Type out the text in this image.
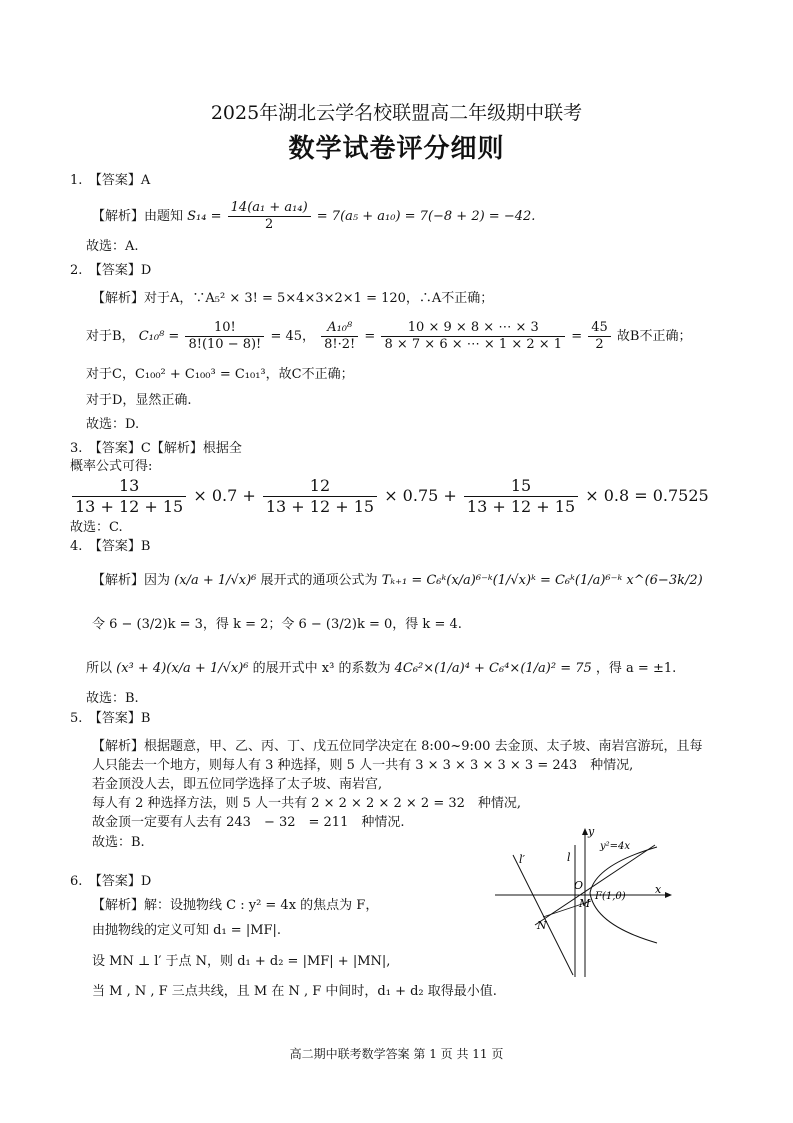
2025年湖北云学名校联盟高二年级期中联考
数学试卷评分细则
1.　【答案】A
【解析】由题知 $S_{14} = \frac{\text{14(a₁ + a₁₄)}}{2} = 7(a_5 + a_{10}) = 7(-8 + 2) = -42$.
故选：A.
2.　【答案】D
【解析】对于A，∵A₅² × 3! = 5×4×3×2×1 = 120，∴A不正确；
对于B， $C_{10}^8 = \frac{10!}{8!(10 - 8)!} = 45$， $\frac{\text{A₁₀⁸}}{8!\cdot 2!} = \frac{10 \times 9 \times 8 \times \cdots \times 3}{8 \times 7 \times 6 \times \cdots \times 1 \times 2 \times 1} = \frac{45}{2}$ 故B不正确；
对于C，C₁₀₀² + C₁₀₀³ = C₁₀₁³，故C不正确；
对于D，显然正确.
故选：D.
3.　【答案】C【解析】根据全
概率公式可得:
$\frac{13}{13 + 12 + 15} \times 0.7 + \frac{12}{13 + 12 + 15} \times 0.75 + \frac{15}{13 + 12 + 15} \times 0.8 = 0.7525$
故选：C.
4.　【答案】B
【解析】因为 (x/a + 1/√x)⁶ 展开式的通项公式为 Tₖ₊₁ = C₆ᵏ(x/a)⁶⁻ᵏ(1/√x)ᵏ = C₆ᵏ(1/a)⁶⁻ᵏ x^(6−3k/2)
令 6 − (3/2)k = 3，得 k = 2；令 6 − (3/2)k = 0，得 k = 4.
所以 (x³ + 4)(x/a + 1/√x)⁶ 的展开式中 x³ 的系数为 4C₆²×(1/a)⁴ + C₆⁴×(1/a)² = 75 ，得 a = ±1.
故选：B.
5.　【答案】B
【解析】根据题意，甲、乙、丙、丁、戊五位同学决定在 8:00~9:00 去金顶、太子坡、南岩宫游玩，且每
人只能去一个地方，则每人有 3 种选择，则 5 人一共有 3 × 3 × 3 × 3 × 3 = 243　种情况,
若金顶没人去，即五位同学选择了太子坡、南岩宫,
每人有 2 种选择方法，则 5 人一共有 2 × 2 × 2 × 2 × 2 = 32　种情况,
故金顶一定要有人去有 243　− 32　= 211　种情况.
故选：B.
6.　【答案】D
【解析】解：设抛物线 C : y² = 4x 的焦点为 F，
由抛物线的定义可知 d₁ = |MF|.
设 MN ⊥ l′ 于点 N，则 d₁ + d₂ = |MF| + |MN|,
当 M , N , F 三点共线，且 M 在 N , F 中间时，d₁ + d₂ 取得最小值.
y
x
l′	l
y²=4x
O
F(1,0)
M
N
高二期中联考数学答案 第 1 页 共 11 页
